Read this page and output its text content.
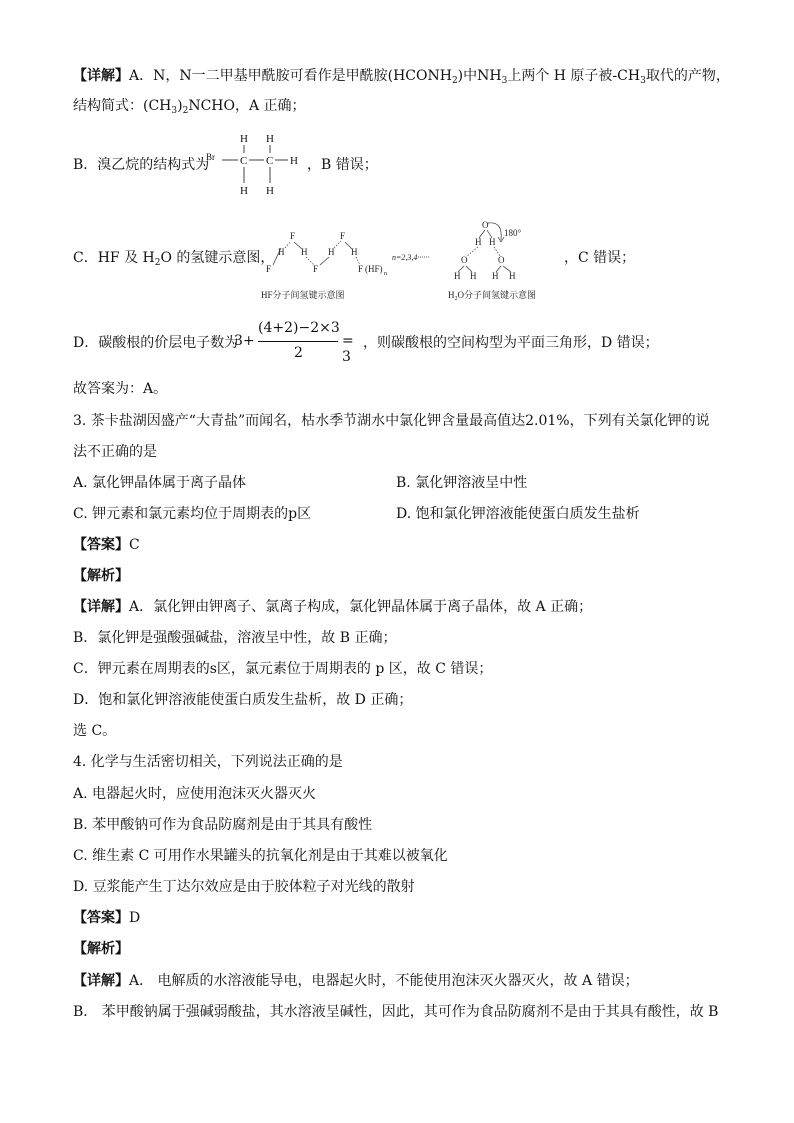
【详解】A．N，N一二甲基甲酰胺可看作是甲酰胺$(HCONH_2)$中$NH_3$上两个 H 原子被$-CH_3$取代的产物，
结构简式：$(CH_3)_2NCHO$，A 正确；
B．溴乙烷的结构式为
Br
H H
C C H
H H
，B 错误；
C．HF 及 $H_2O$ 的氢键示意图，
F
H
F
H
F
F
H H
F (HF) n
n=2,3,4······
HF分子间氢键示意图
O
180°
H H
O	O
H H H H
$H_2O$分子间氢键示意图
，C 错误；
D．碳酸根的价层电子数为
3+
(4+2)−2×3
2
= 3
，则碳酸根的空间构型为平面三角形，D 错误；
故答案为：A。
3. 茶卡盐湖因盛产“大青盐”而闻名，枯水季节湖水中氯化钾含量最高值达2.01%，下列有关氯化钾的说
法不正确的是
A. 氯化钾晶体属于离子晶体	B. 氯化钾溶液呈中性
C. 钾元素和氯元素均位于周期表的p区	D. 饱和氯化钾溶液能使蛋白质发生盐析
【答案】C
【解析】
【详解】A．氯化钾由钾离子、氯离子构成，氯化钾晶体属于离子晶体，故 A 正确；
B．氯化钾是强酸强碱盐，溶液呈中性，故 B 正确；
C．钾元素在周期表的s区，氯元素位于周期表的 p 区，故 C 错误；
D．饱和氯化钾溶液能使蛋白质发生盐析，故 D 正确；
选 C。
4. 化学与生活密切相关，下列说法正确的是
A. 电器起火时，应使用泡沫灭火器灭火
B. 苯甲酸钠可作为食品防腐剂是由于其具有酸性
C. 维生素 C 可用作水果罐头的抗氧化剂是由于其难以被氧化
D. 豆浆能产生丁达尔效应是由于胶体粒子对光线的散射
【答案】D
【解析】
【详解】A． 电解质的水溶液能导电，电器起火时，不能使用泡沫灭火器灭火，故 A 错误；
B． 苯甲酸钠属于强碱弱酸盐，其水溶液呈碱性，因此，其可作为食品防腐剂不是由于其具有酸性，故 B
